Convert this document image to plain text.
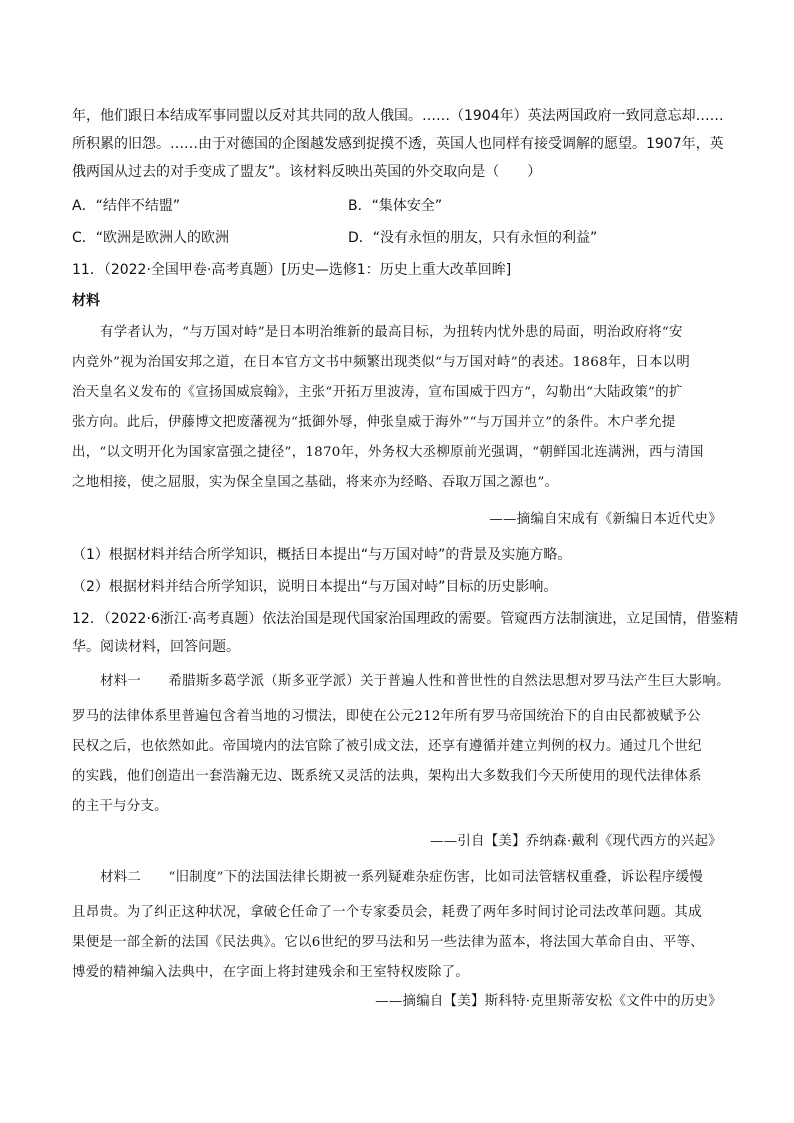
年，他们跟日本结成军事同盟以反对其共同的敌人俄国。……（1904年）英法两国政府一致同意忘却……
所积累的旧怨。……由于对德国的企图越发感到捉摸不透，英国人也同样有接受调解的愿望。1907年，英
俄两国从过去的对手变成了盟友”。该材料反映出英国的外交取向是（　　）
A．“结伴不结盟”	B．“集体安全”
C．“欧洲是欧洲人的欧洲	D．“没有永恒的朋友，只有永恒的利益”
11．（2022·全国甲卷·高考真题）[历史—选修1：历史上重大改革回眸]
材料
有学者认为，“与万国对峙”是日本明治维新的最高目标，为扭转内忧外患的局面，明治政府将“安
内竞外”视为治国安邦之道，在日本官方文书中频繁出现类似“与万国对峙”的表述。1868年，日本以明
治天皇名义发布的《宣扬国威宸翰》，主张“开拓万里波涛，宣布国威于四方”，勾勒出“大陆政策”的扩
张方向。此后，伊藤博文把废藩视为“抵御外辱，伸张皇威于海外”“与万国并立”的条件。木户孝允提
出，“以文明开化为国家富强之捷径”，1870年，外务权大丞柳原前光强调，“朝鲜国北连满洲，西与清国
之地相接，使之屈服，实为保全皇国之基础，将来亦为经略、吞取万国之源也”。
——摘编自宋成有《新编日本近代史》
（1）根据材料并结合所学知识，概括日本提出“与万国对峙”的背景及实施方略。
（2）根据材料并结合所学知识，说明日本提出“与万国对峙”目标的历史影响。
12．（2022·6浙江·高考真题）依法治国是现代国家治国理政的需要。管窥西方法制演进，立足国情，借鉴精
华。阅读材料，回答问题。
材料一　　希腊斯多葛学派（斯多亚学派）关于普遍人性和普世性的自然法思想对罗马法产生巨大影响。
罗马的法律体系里普遍包含着当地的习惯法，即使在公元212年所有罗马帝国统治下的自由民都被赋予公
民权之后，也依然如此。帝国境内的法官除了被引成文法，还享有遵循并建立判例的权力。通过几个世纪
的实践，他们创造出一套浩瀚无边、既系统又灵活的法典，架构出大多数我们今天所使用的现代法律体系
的主干与分支。
——引自【美】乔纳森·戴利《现代西方的兴起》
材料二　　“旧制度”下的法国法律长期被一系列疑难杂症伤害，比如司法管辖权重叠，诉讼程序缓慢
且昂贵。为了纠正这种状况，拿破仑任命了一个专家委员会，耗费了两年多时间讨论司法改革问题。其成
果便是一部全新的法国《民法典》。它以6世纪的罗马法和另一些法律为蓝本，将法国大革命自由、平等、
博爱的精神编入法典中，在字面上将封建残余和王室特权废除了。
——摘编自【美】斯科特·克里斯蒂安松《文件中的历史》
